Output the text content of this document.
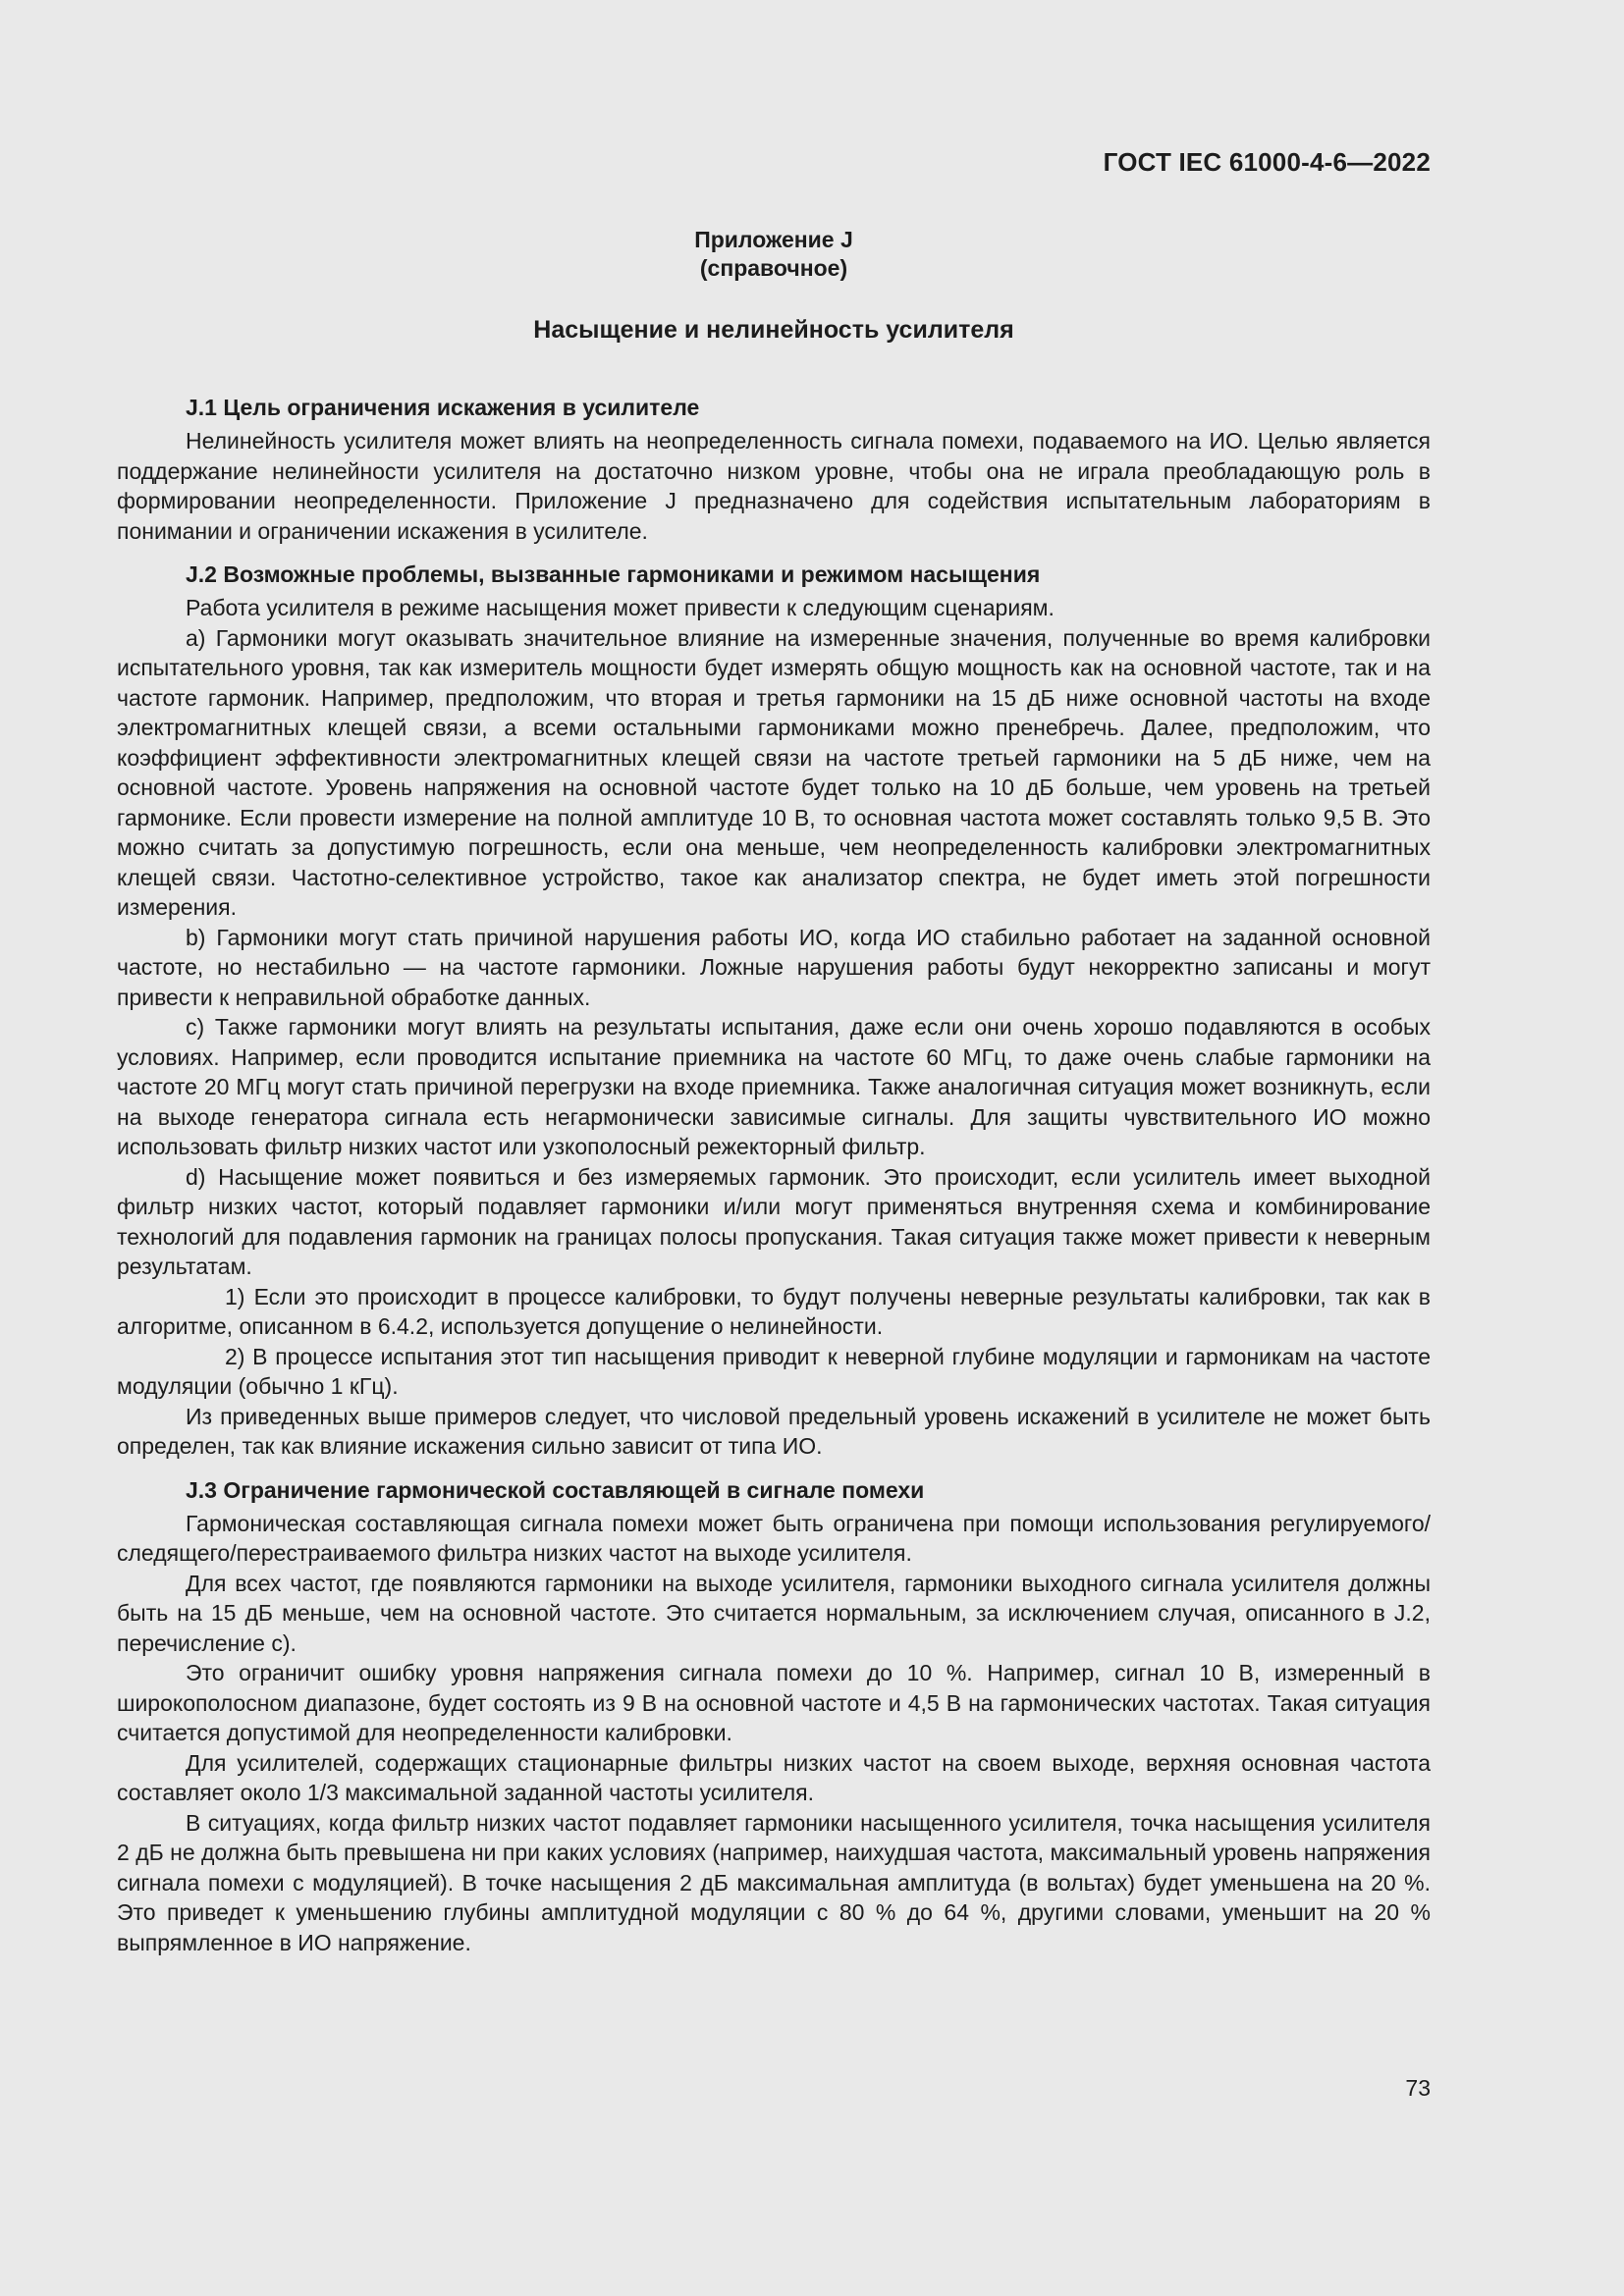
ГОСТ IEC 61000-4-6—2022
Приложение J
(справочное)
Насыщение и нелинейность усилителя
J.1 Цель ограничения искажения в усилителе

Нелинейность усилителя может влиять на неопределенность сигнала помехи, подаваемого на ИО. Целью является поддержание нелинейности усилителя на достаточно низком уровне, чтобы она не играла преобладающую роль в формировании неопределенности. Приложение J предназначено для содействия испытательным лабораториям в понимании и ограничении искажения в усилителе.

J.2 Возможные проблемы, вызванные гармониками и режимом насыщения

Работа усилителя в режиме насыщения может привести к следующим сценариям.

a) Гармоники могут оказывать значительное влияние на измеренные значения, полученные во время калибровки испытательного уровня, так как измеритель мощности будет измерять общую мощность как на основной частоте, так и на частоте гармоник. Например, предположим, что вторая и третья гармоники на 15 дБ ниже основной частоты на входе электромагнитных клещей связи, а всеми остальными гармониками можно пренебречь. Далее, предположим, что коэффициент эффективности электромагнитных клещей связи на частоте третьей гармоники на 5 дБ ниже, чем на основной частоте. Уровень напряжения на основной частоте будет только на 10 дБ больше, чем уровень на третьей гармонике. Если провести измерение на полной амплитуде 10 В, то основная частота может составлять только 9,5 В. Это можно считать за допустимую погрешность, если она меньше, чем неопределенность калибровки электромагнитных клещей связи. Частотно-селективное устройство, такое как анализатор спектра, не будет иметь этой погрешности измерения.

b) Гармоники могут стать причиной нарушения работы ИО, когда ИО стабильно работает на заданной основной частоте, но нестабильно — на частоте гармоники. Ложные нарушения работы будут некорректно записаны и могут привести к неправильной обработке данных.

c) Также гармоники могут влиять на результаты испытания, даже если они очень хорошо подавляются в особых условиях. Например, если проводится испытание приемника на частоте 60 МГц, то даже очень слабые гармоники на частоте 20 МГц могут стать причиной перегрузки на входе приемника. Также аналогичная ситуация может возникнуть, если на выходе генератора сигнала есть негармонически зависимые сигналы. Для защиты чувствительного ИО можно использовать фильтр низких частот или узкополосный режекторный фильтр.

d) Насыщение может появиться и без измеряемых гармоник. Это происходит, если усилитель имеет выходной фильтр низких частот, который подавляет гармоники и/или могут применяться внутренняя схема и комбинирование технологий для подавления гармоник на границах полосы пропускания. Такая ситуация также может привести к неверным результатам.

1) Если это происходит в процессе калибровки, то будут получены неверные результаты калибровки, так как в алгоритме, описанном в 6.4.2, используется допущение о нелинейности.

2) В процессе испытания этот тип насыщения приводит к неверной глубине модуляции и гармоникам на частоте модуляции (обычно 1 кГц).

Из приведенных выше примеров следует, что числовой предельный уровень искажений в усилителе не может быть определен, так как влияние искажения сильно зависит от типа ИО.

J.3 Ограничение гармонической составляющей в сигнале помехи

Гармоническая составляющая сигнала помехи может быть ограничена при помощи использования регулируемого/следящего/перестраиваемого фильтра низких частот на выходе усилителя.

Для всех частот, где появляются гармоники на выходе усилителя, гармоники выходного сигнала усилителя должны быть на 15 дБ меньше, чем на основной частоте. Это считается нормальным, за исключением случая, описанного в J.2, перечисление c).

Это ограничит ошибку уровня напряжения сигнала помехи до 10 %. Например, сигнал 10 В, измеренный в широкополосном диапазоне, будет состоять из 9 В на основной частоте и 4,5 В на гармонических частотах. Такая ситуация считается допустимой для неопределенности калибровки.

Для усилителей, содержащих стационарные фильтры низких частот на своем выходе, верхняя основная частота составляет около 1/3 максимальной заданной частоты усилителя.

В ситуациях, когда фильтр низких частот подавляет гармоники насыщенного усилителя, точка насыщения усилителя 2 дБ не должна быть превышена ни при каких условиях (например, наихудшая частота, максимальный уровень напряжения сигнала помехи с модуляцией). В точке насыщения 2 дБ максимальная амплитуда (в вольтах) будет уменьшена на 20 %. Это приведет к уменьшению глубины амплитудной модуляции с 80 % до 64 %, другими словами, уменьшит на 20 % выпрямленное в ИО напряжение.

73
